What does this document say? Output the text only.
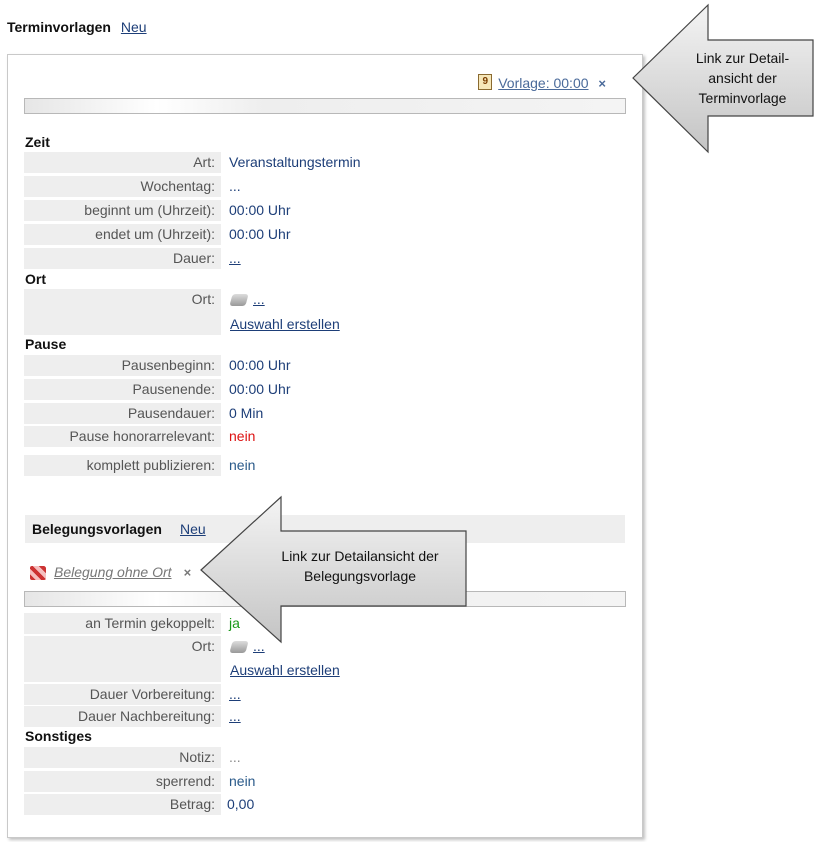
Terminvorlagen Neu
9 Vorlage: 00:00 ×
Zeit
Art:	Veranstaltungstermin
Wochentag:	...
beginnt um (Uhrzeit):	00:00 Uhr
endet um (Uhrzeit):	00:00 Uhr
Dauer:	...
Ort
Ort:	...
Auswahl erstellen
Pause
Pausenbeginn:	00:00 Uhr
Pausenende:	00:00 Uhr
Pausendauer:	0 Min
Pause honorarrelevant:	nein
komplett publizieren:	nein
Belegungsvorlagen Neu
Belegung ohne Ort ×
an Termin gekoppelt:	ja
Ort:	...
Auswahl erstellen
Dauer Vorbereitung:	...
Dauer Nachbereitung:	...
Sonstiges
Notiz:	...
sperrend:	nein
Betrag: 0,00
Link zur Detail-
ansicht der
Terminvorlage
Link zur Detailansicht der
Belegungsvorlage
